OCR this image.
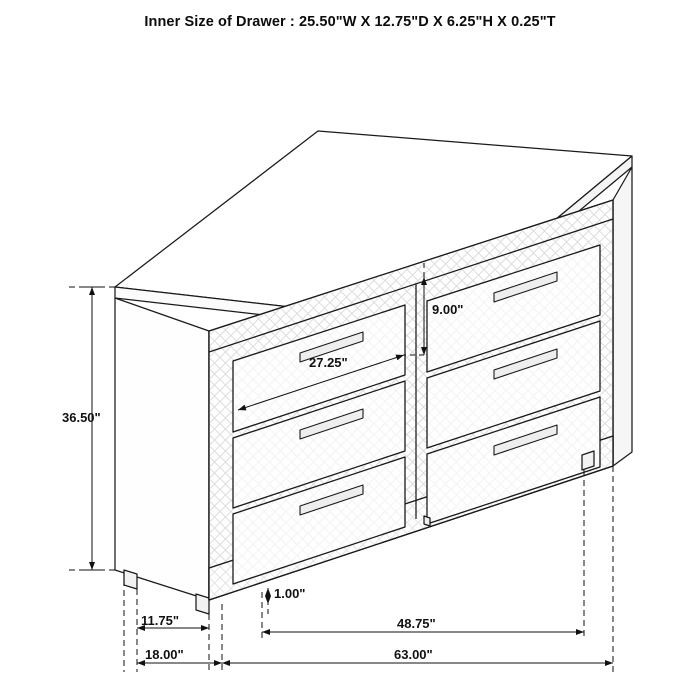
Inner Size of Drawer : 25.50"W X 12.75"D X 6.25"H X 0.25"T
36.50"
27.25"
9.00"
11.75"
1.00"
48.75"
18.00"	63.00"
